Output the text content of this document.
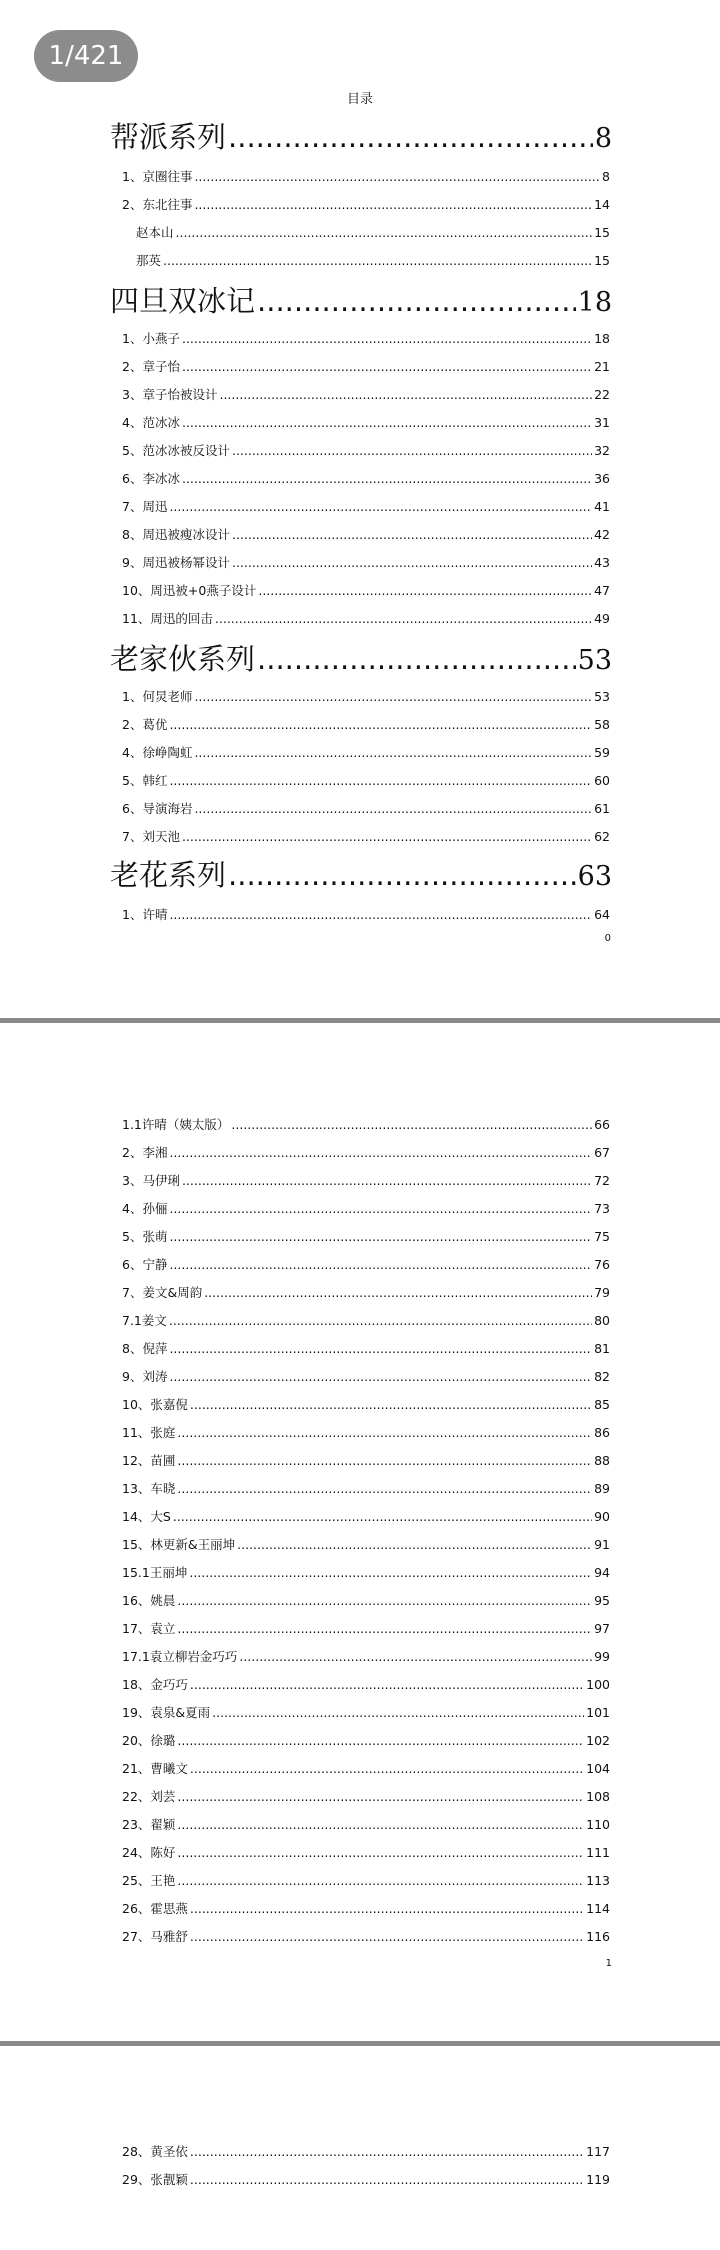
1/421
目录
帮派系列 .....	8
1、京圈往事 .....	8
2、东北往事 .....	14
赵本山 .....	15
那英 .....	15
四旦双冰记 .....	18
1、小燕子 .....	18
2、章子怡 .....	21
3、章子怡被设计 .....	22
4、范冰冰 .....	31
5、范冰冰被反设计 .....	32
6、李冰冰 .....	36
7、周迅 .....	41
8、周迅被瘦冰设计 .....	42
9、周迅被杨幂设计 .....	43
10、周迅被+0燕子设计 .....	47
11、周迅的回击 .....	49
老家伙系列 .....	53
1、何炅老师 .....	53
2、葛优 .....	58
4、徐峥陶虹 .....	59
5、韩红 .....	60
6、导演海岩 .....	61
7、刘天池 .....	62
老花系列 .....	63
1、许晴 .....	64
0
1.1许晴（姨太版） .....	66
2、李湘 .....	67
3、马伊琍 .....	72
4、孙俪 .....	73
5、张萌 .....	75
6、宁静 .....	76
7、姜文&周韵 .....	79
7.1姜文 .....	80
8、倪萍 .....	81
9、刘涛 .....	82
10、张嘉倪 .....	85
11、张庭 .....	86
12、苗圃 .....	88
13、车晓 .....	89
14、大S .....	90
15、林更新&王丽坤 .....	91
15.1王丽坤 .....	94
16、姚晨 .....	95
17、袁立 .....	97
17.1袁立柳岩金巧巧 .....	99
18、金巧巧 .....	100
19、袁泉&夏雨 .....	101
20、徐璐 .....	102
21、曹曦文 .....	104
22、刘芸 .....	108
23、翟颖 .....	110
24、陈好 .....	111
25、王艳 .....	113
26、霍思燕 .....	114
27、马雅舒 .....	116
1
28、黄圣依 .....	117
29、张靓颖 .....	119
